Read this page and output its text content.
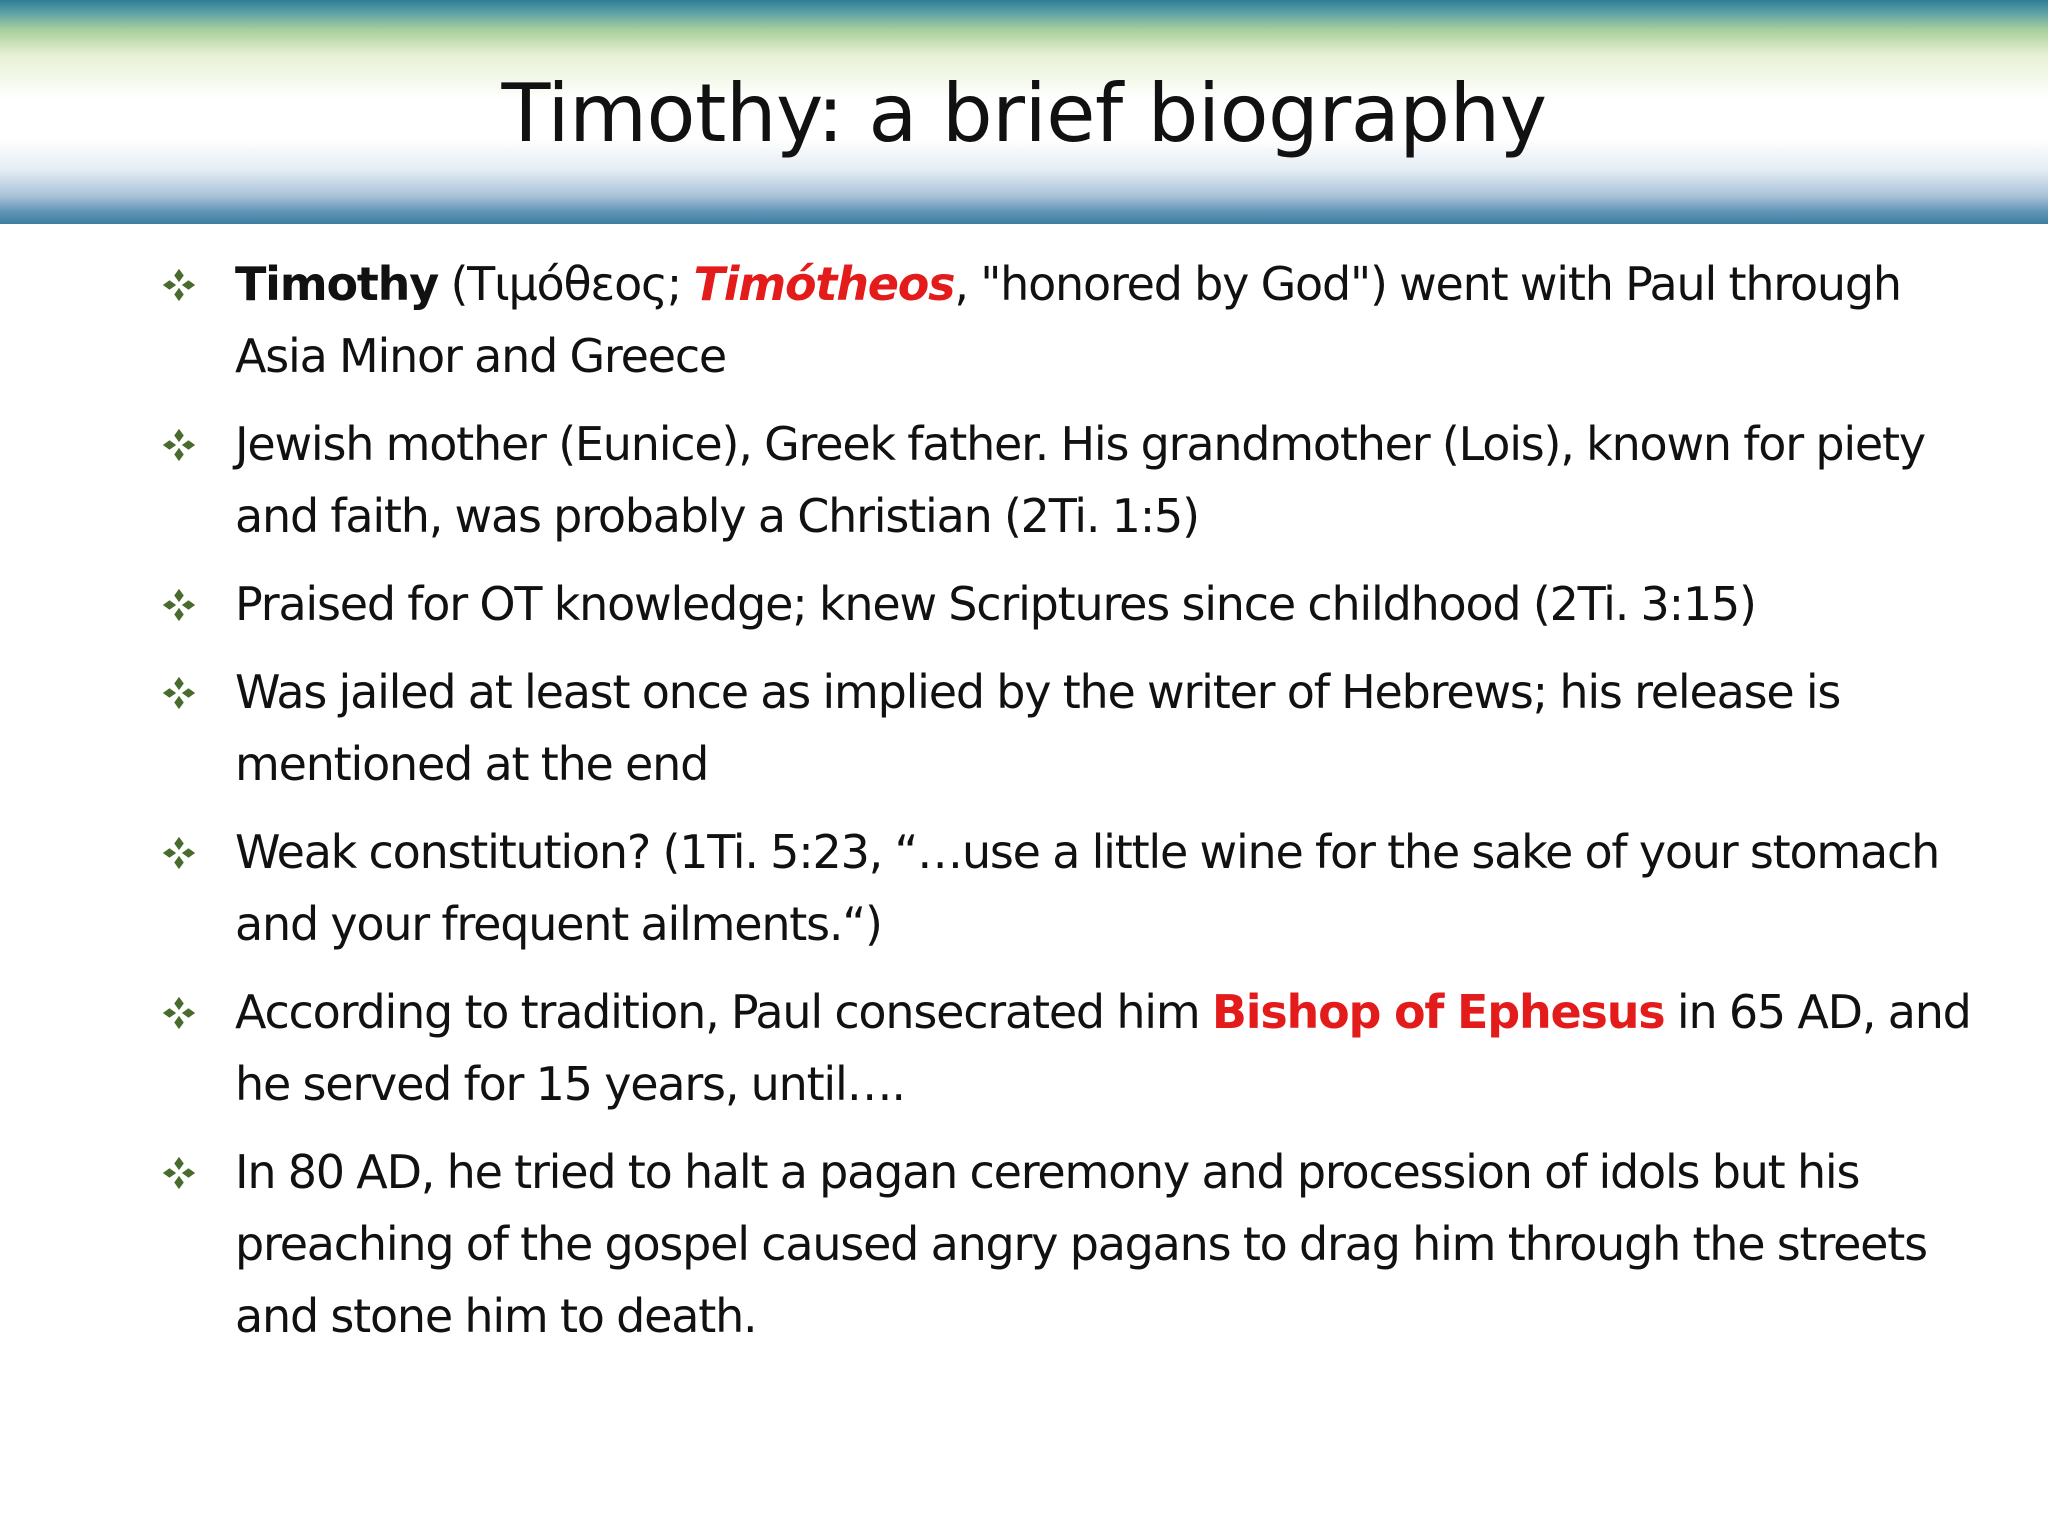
Timothy: a brief biography
Timothy (Τιμόθεος; Timótheos, "honored by God") went with Paul through Asia Minor and Greece
Jewish mother (Eunice), Greek father. His grandmother (Lois), known for piety and faith, was probably a Christian (2Ti. 1:5)
Praised for OT knowledge; knew Scriptures since childhood (2Ti. 3:15)
Was jailed at least once as implied by the writer of Hebrews; his release is mentioned at the end
Weak constitution? (1Ti. 5:23, “…use a little wine for the sake of your stomach and your frequent ailments.“)
According to tradition, Paul consecrated him Bishop of Ephesus in 65 AD, and he served for 15 years, until….
In 80 AD, he tried to halt a pagan ceremony and procession of idols but his preaching of the gospel caused angry pagans to drag him through the streets and stone him to death.
